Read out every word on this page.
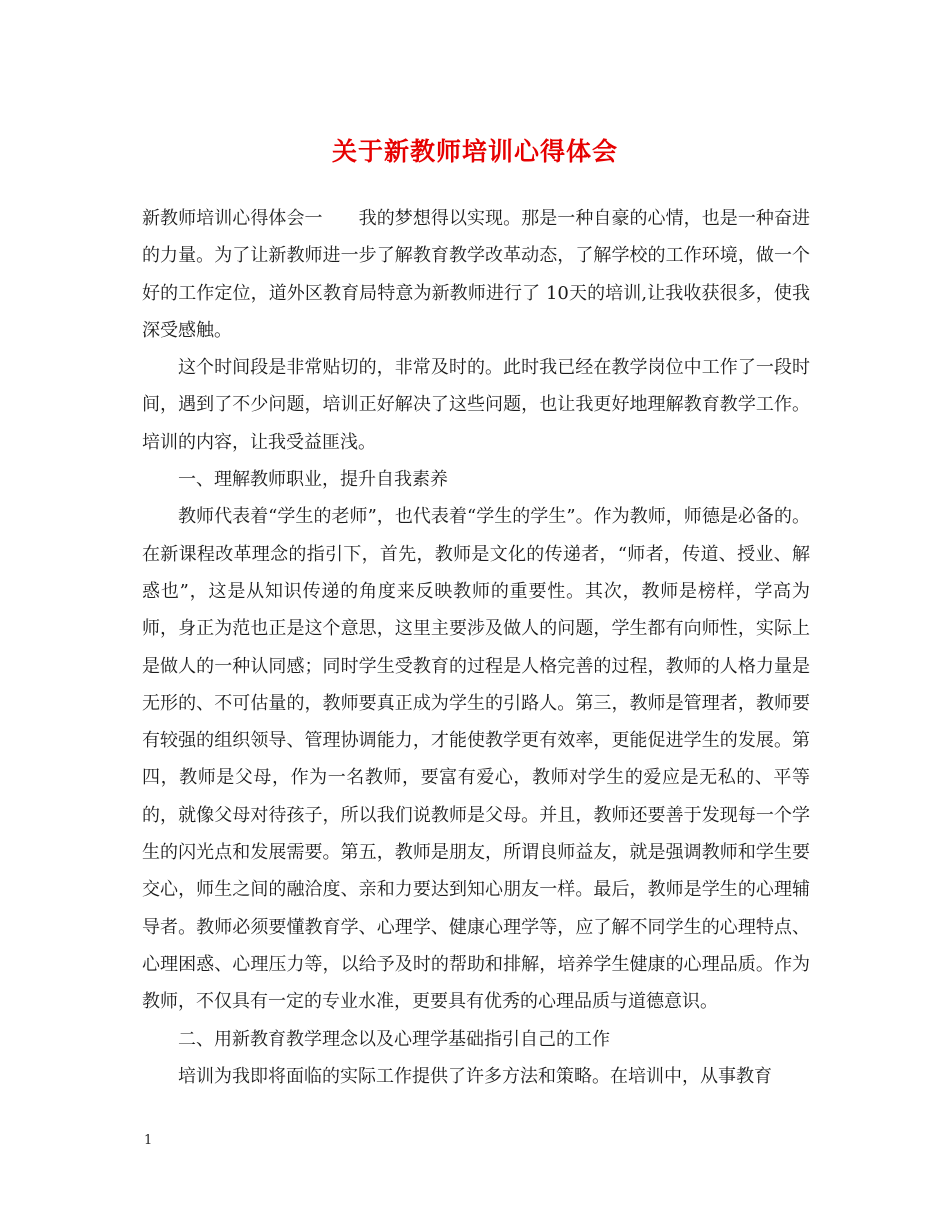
关于新教师培训心得体会

新教师培训心得体会一　　我的梦想得以实现。那是一种自豪的心情，也是一种奋进的力量。为了让新教师进一步了解教育教学改革动态，了解学校的工作环境，做一个好的工作定位，道外区教育局特意为新教师进行了 10天的培训,让我收获很多，使我深受感触。

这个时间段是非常贴切的，非常及时的。此时我已经在教学岗位中工作了一段时间，遇到了不少问题，培训正好解决了这些问题，也让我更好地理解教育教学工作。培训的内容，让我受益匪浅。

一、理解教师职业，提升自我素养

教师代表着“学生的老师”，也代表着“学生的学生”。作为教师，师德是必备的。在新课程改革理念的指引下，首先，教师是文化的传递者，“师者，传道、授业、解惑也”，这是从知识传递的角度来反映教师的重要性。其次，教师是榜样，学高为师，身正为范也正是这个意思，这里主要涉及做人的问题，学生都有向师性，实际上是做人的一种认同感；同时学生受教育的过程是人格完善的过程，教师的人格力量是无形的、不可估量的，教师要真正成为学生的引路人。第三，教师是管理者，教师要有较强的组织领导、管理协调能力，才能使教学更有效率，更能促进学生的发展。第四，教师是父母，作为一名教师，要富有爱心，教师对学生的爱应是无私的、平等的，就像父母对待孩子，所以我们说教师是父母。并且，教师还要善于发现每一个学生的闪光点和发展需要。第五，教师是朋友，所谓良师益友，就是强调教师和学生要交心，师生之间的融洽度、亲和力要达到知心朋友一样。最后，教师是学生的心理辅导者。教师必须要懂教育学、心理学、健康心理学等，应了解不同学生的心理特点、心理困惑、心理压力等，以给予及时的帮助和排解，培养学生健康的心理品质。作为教师，不仅具有一定的专业水准，更要具有优秀的心理品质与道德意识。

二、用新教育教学理念以及心理学基础指引自己的工作

培训为我即将面临的实际工作提供了许多方法和策略。在培训中，从事教育

1
